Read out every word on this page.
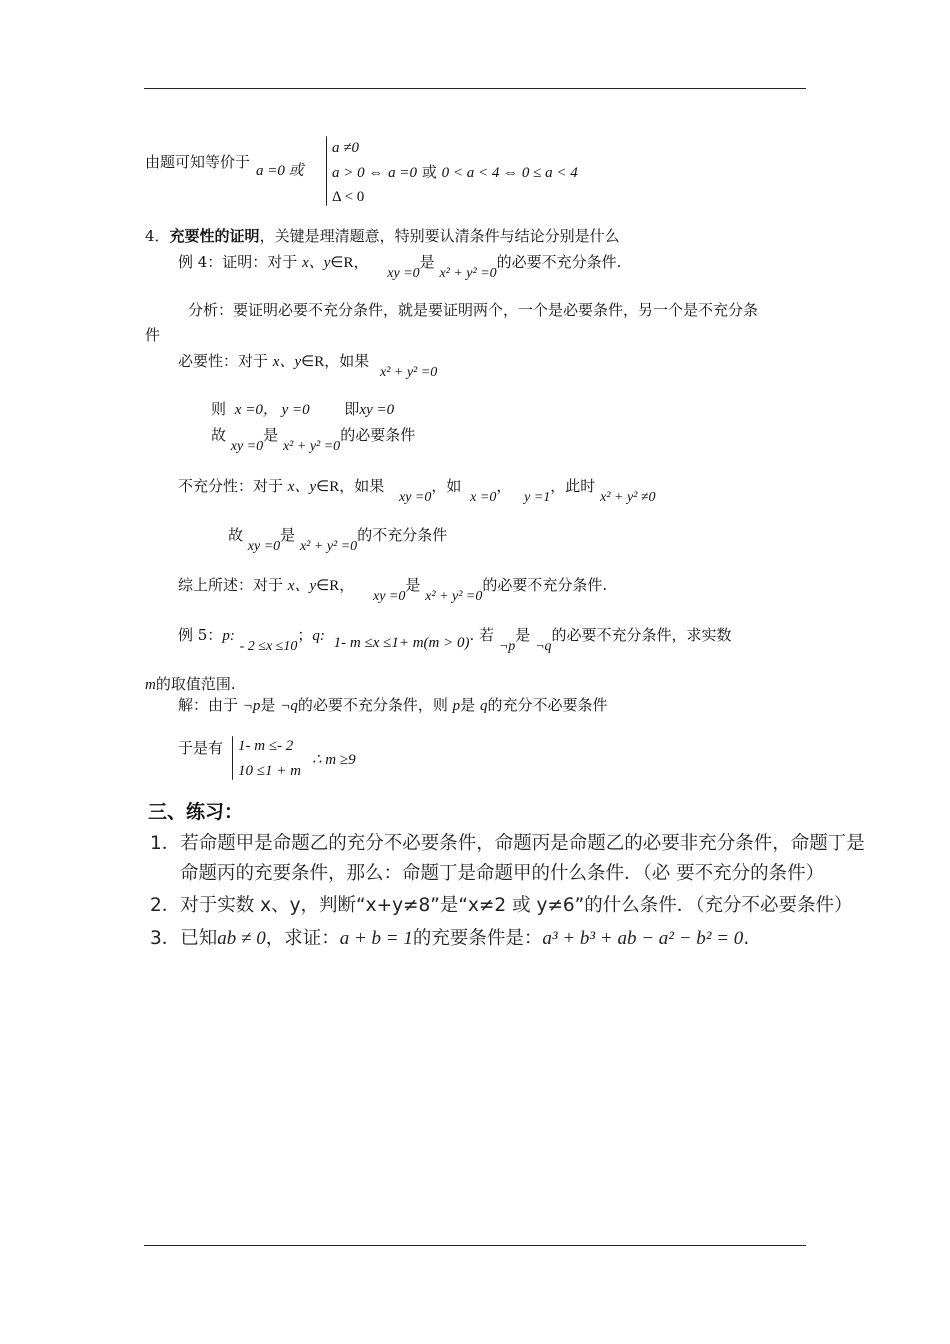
由题可知等价于 a =0 或
a ≠0
a > 0 ⇔ a =0 或 0 < a < 4 ⇔ 0 ≤ a < 4
Δ < 0
4．充要性的证明，关键是理清题意，特别要认清条件与结论分别是什么
例 4：证明：对于 x、y∈R， xy =0是 x² + y² =0的必要不充分条件.
分析：要证明必要不充分条件，就是要证明两个，一个是必要条件，另一个是不充分条
件
必要性：对于 x、y∈R，如果 x² + y² =0
则 x =0， y =0 即xy =0
故 xy =0是 x² + y² =0的必要条件
不充分性：对于 x、y∈R，如果 xy =0，如 x =0， y =1，此时 x² + y² ≠0
故 xy =0是 x² + y² =0的不充分条件
综上所述：对于 x、y∈R， xy =0是 x² + y² =0的必要不充分条件.
例 5：p: - 2 ≤x ≤10；q: 1- m ≤x ≤1+ m(m > 0). 若 ¬p是 ¬q的必要不充分条件，求实数
m的取值范围.
解：由于 ¬p是 ¬q的必要不充分条件，则 p是 q的充分不必要条件
于是有 1- m ≤- 2
10 ≤1 + m
∴ m ≥9
三、练习：
1．若命题甲是命题乙的充分不必要条件，命题丙是命题乙的必要非充分条件，命题丁是
命题丙的充要条件，那么：命题丁是命题甲的什么条件．（必 要不充分的条件）
2．对于实数 x、y，判断“x+y≠8”是“x≠2 或 y≠6”的什么条件．（充分不必要条件）
3．已知ab ≠ 0，求证：a + b = 1的充要条件是：a³ + b³ + ab − a² − b² = 0.
